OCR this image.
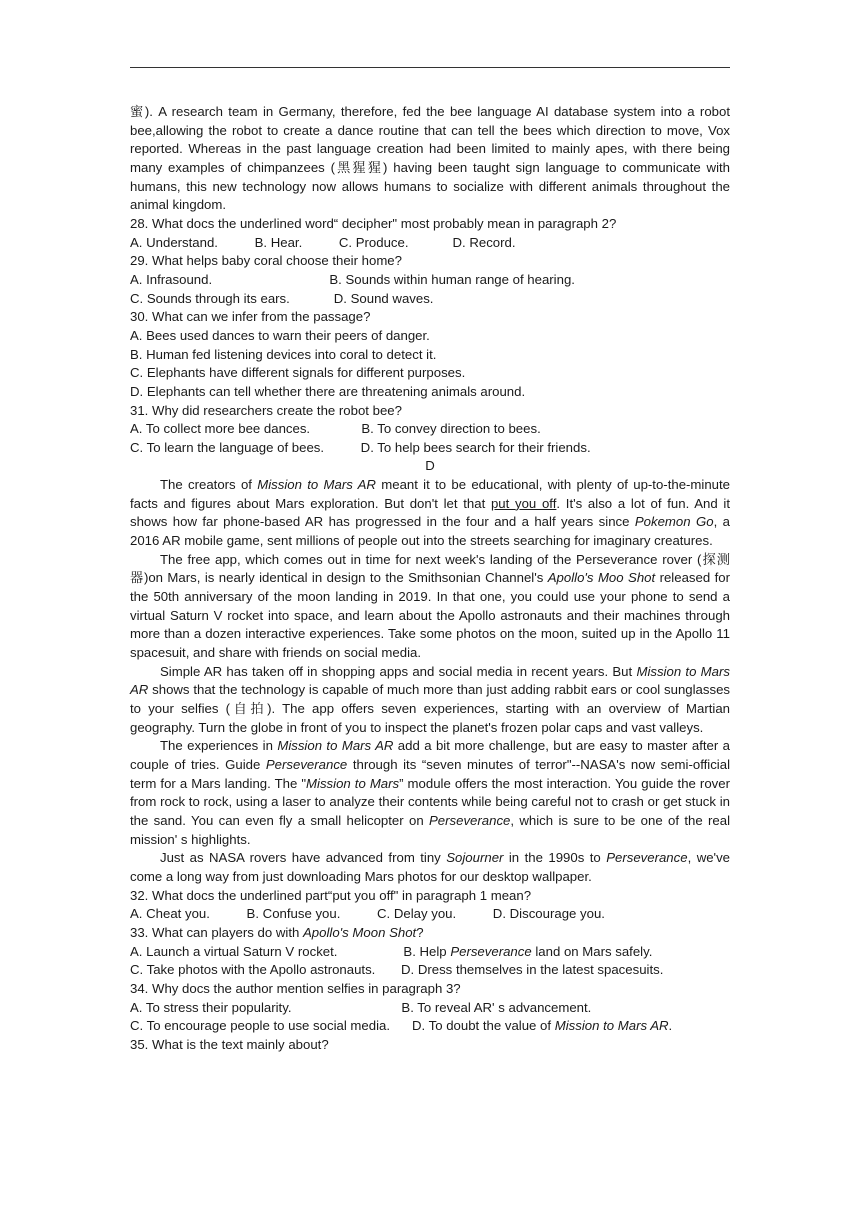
蜜). A research team in Germany, therefore, fed the bee language AI database system into a robot bee,allowing the robot to create a dance routine that can tell the bees which direction to move, Vox reported. Whereas in the past language creation had been limited to mainly apes, with there being many examples of chimpanzees (黑猩猩) having been taught sign language to communicate with humans, this new technology now allows humans to socialize with different animals throughout the animal kingdom.

28. What docs the underlined word“ decipher" most probably mean in paragraph 2?
A. Understand.          B. Hear.          C. Produce.            D. Record.
29. What helps baby coral choose their home?
A. Infrasound.                                B. Sounds within human range of hearing.
C. Sounds through its ears.            D. Sound waves.
30. What can we infer from the passage?
A. Bees used dances to warn their peers of danger.
B. Human fed listening devices into coral to detect it.
C. Elephants have different signals for different purposes.
D. Elephants can tell whether there are threatening animals around.
31. Why did researchers create the robot bee?
A. To collect more bee dances.              B. To convey direction to bees.
C. To learn the language of bees.          D. To help bees search for their friends.
D

The creators of Mission to Mars AR meant it to be educational, with plenty of up-to-the-minute facts and figures about Mars exploration. But don't let that put you off. It's also a lot of fun. And it shows how far phone-based AR has progressed in the four and a half years since Pokemon Go, a 2016 AR mobile game, sent millions of people out into the streets searching for imaginary creatures.

The free app, which comes out in time for next week's landing of the Perseverance rover (探测器)on Mars, is nearly identical in design to the Smithsonian Channel's Apollo's Moo Shot released for the 50th anniversary of the moon landing in 2019. In that one, you could use your phone to send a virtual Saturn V rocket into space, and learn about the Apollo astronauts and their machines through more than a dozen interactive experiences. Take some photos on the moon, suited up in the Apollo 11 spacesuit, and share with friends on social media.

Simple AR has taken off in shopping apps and social media in recent years. But Mission to Mars AR shows that the technology is capable of much more than just adding rabbit ears or cool sunglasses to your selfies (自拍). The app offers seven experiences, starting with an overview of Martian geography. Turn the globe in front of you to inspect the planet's frozen polar caps and vast valleys.

The experiences in Mission to Mars AR add a bit more challenge, but are easy to master after a couple of tries. Guide Perseverance through its “seven minutes of terror"--NASA's now semi-official term for a Mars landing. The "Mission to Mars” module offers the most interaction. You guide the rover from rock to rock, using a laser to analyze their contents while being careful not to crash or get stuck in the sand. You can even fly a small helicopter on Perseverance, which is sure to be one of the real mission' s highlights.

Just as NASA rovers have advanced from tiny Sojourner in the 1990s to Perseverance, we've come a long way from just downloading Mars photos for our desktop wallpaper.

32. What docs the underlined part“put you off" in paragraph 1 mean?
A. Cheat you.          B. Confuse you.          C. Delay you.          D. Discourage you.
33. What can players do with Apollo's Moon Shot?
A. Launch a virtual Saturn V rocket.                  B. Help Perseverance land on Mars safely.
C. Take photos with the Apollo astronauts.       D. Dress themselves in the latest spacesuits.
34. Why docs the author mention selfies in paragraph 3?
A. To stress their popularity.                              B. To reveal AR' s advancement.
C. To encourage people to use social media.      D. To doubt the value of Mission to Mars AR.
35. What is the text mainly about?
